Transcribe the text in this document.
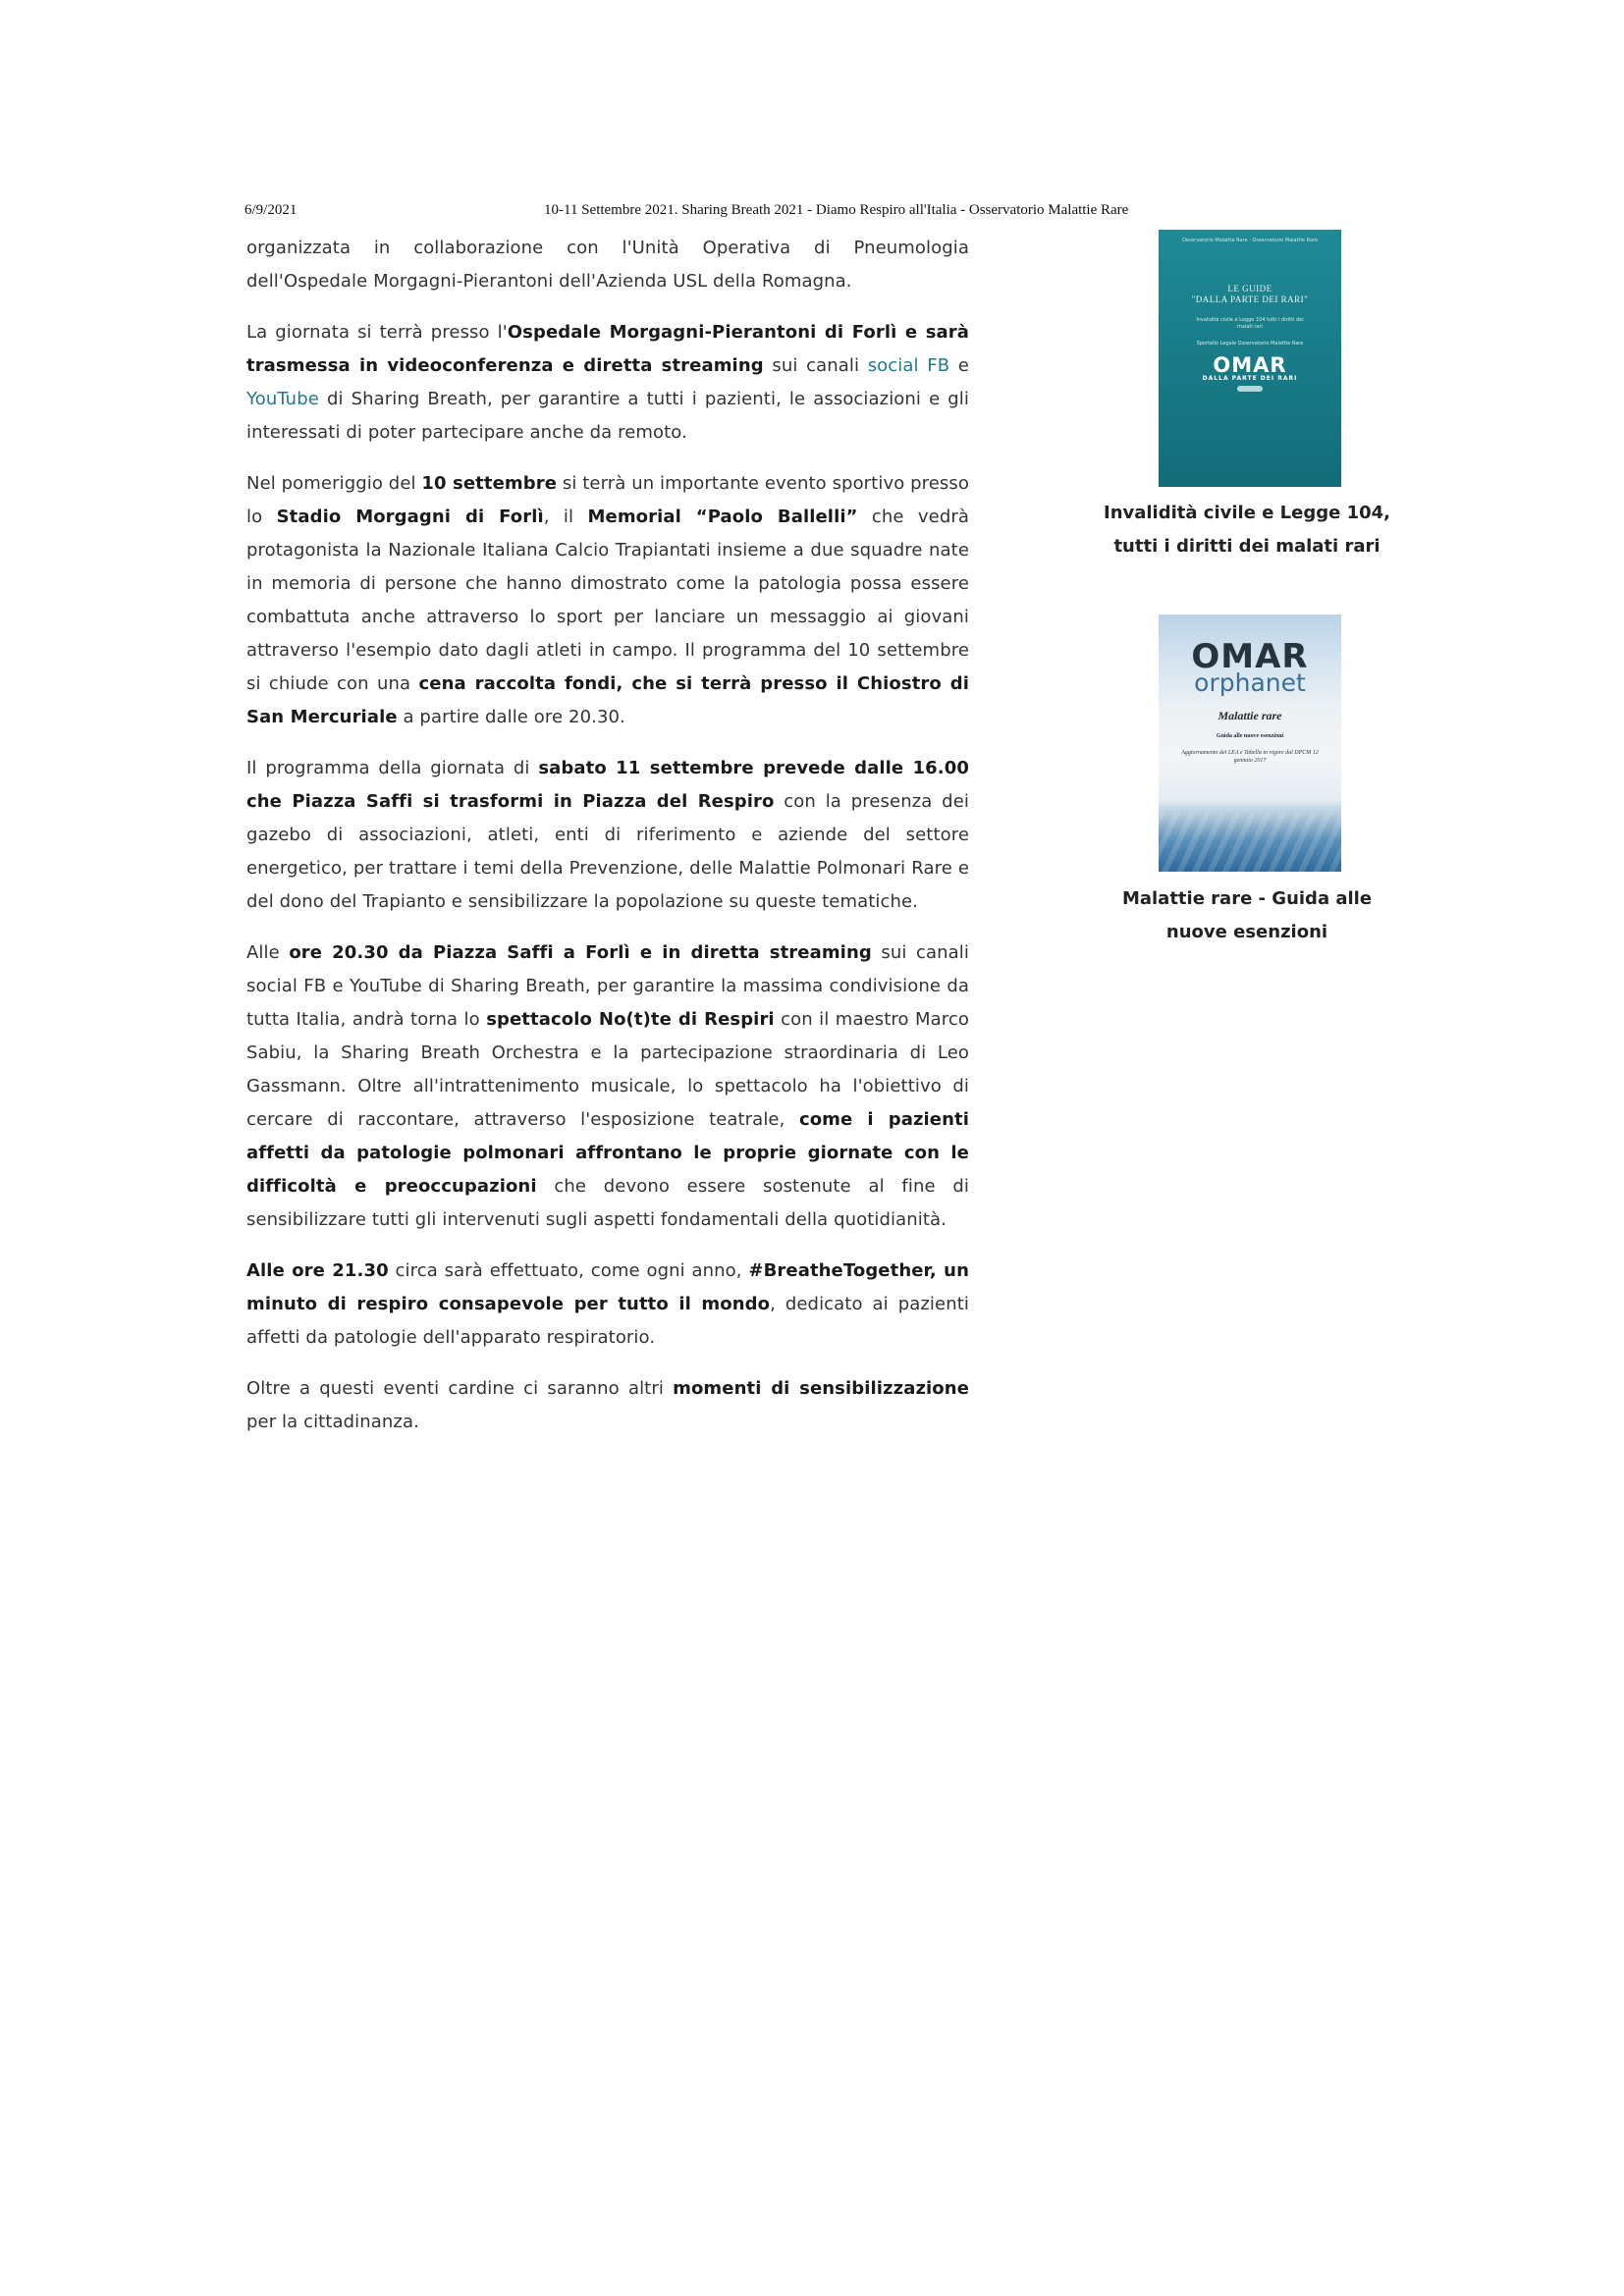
6/9/2021	10-11 Settembre 2021. Sharing Breath 2021 - Diamo Respiro all'Italia - Osservatorio Malattie Rare

organizzata in collaborazione con l'Unità Operativa di Pneumologia dell'Ospedale Morgagni-Pierantoni dell'Azienda USL della Romagna.

La giornata si terrà presso l'Ospedale Morgagni-Pierantoni di Forlì e sarà trasmessa in videoconferenza e diretta streaming sui canali social FB e YouTube di Sharing Breath, per garantire a tutti i pazienti, le associazioni e gli interessati di poter partecipare anche da remoto.

Nel pomeriggio del 10 settembre si terrà un importante evento sportivo presso lo Stadio Morgagni di Forlì, il Memorial “Paolo Ballelli” che vedrà protagonista la Nazionale Italiana Calcio Trapiantati insieme a due squadre nate in memoria di persone che hanno dimostrato come la patologia possa essere combattuta anche attraverso lo sport per lanciare un messaggio ai giovani attraverso l'esempio dato dagli atleti in campo. Il programma del 10 settembre si chiude con una cena raccolta fondi, che si terrà presso il Chiostro di San Mercuriale a partire dalle ore 20.30.

Il programma della giornata di sabato 11 settembre prevede dalle 16.00 che Piazza Saffi si trasformi in Piazza del Respiro con la presenza dei gazebo di associazioni, atleti, enti di riferimento e aziende del settore energetico, per trattare i temi della Prevenzione, delle Malattie Polmonari Rare e del dono del Trapianto e sensibilizzare la popolazione su queste tematiche.

Alle ore 20.30 da Piazza Saffi a Forlì e in diretta streaming sui canali social FB e YouTube di Sharing Breath, per garantire la massima condivisione da tutta Italia, andrà torna lo spettacolo No(t)te di Respiri con il maestro Marco Sabiu, la Sharing Breath Orchestra e la partecipazione straordinaria di Leo Gassmann. Oltre all'intrattenimento musicale, lo spettacolo ha l'obiettivo di cercare di raccontare, attraverso l'esposizione teatrale, come i pazienti affetti da patologie polmonari affrontano le proprie giornate con le difficoltà e preoccupazioni che devono essere sostenute al fine di sensibilizzare tutti gli intervenuti sugli aspetti fondamentali della quotidianità.

Alle ore 21.30 circa sarà effettuato, come ogni anno, #BreatheTogether, un minuto di respiro consapevole per tutto il mondo, dedicato ai pazienti affetti da patologie dell'apparato respiratorio.

Oltre a questi eventi cardine ci saranno altri momenti di sensibilizzazione per la cittadinanza.

Osservatorio Malattie Rare · Osservatorio Malattie Rare
LE GUIDE
"DALLA PARTE DEI RARI"
Invalidità civile e Legge 104 tutti i diritti dei malati rari
Sportello Legale Osservatorio Malattie Rare
OMAR
DALLA PARTE DEI RARI
Invalidità civile e Legge 104, tutti i diritti dei malati rari
OMAR
orphanet
Malattie rare
Guida alle nuove esenzioni
Aggiornamento dei LEA e Tabella in vigore dal DPCM 12 gennaio 2017
Malattie rare - Guida alle nuove esenzioni
